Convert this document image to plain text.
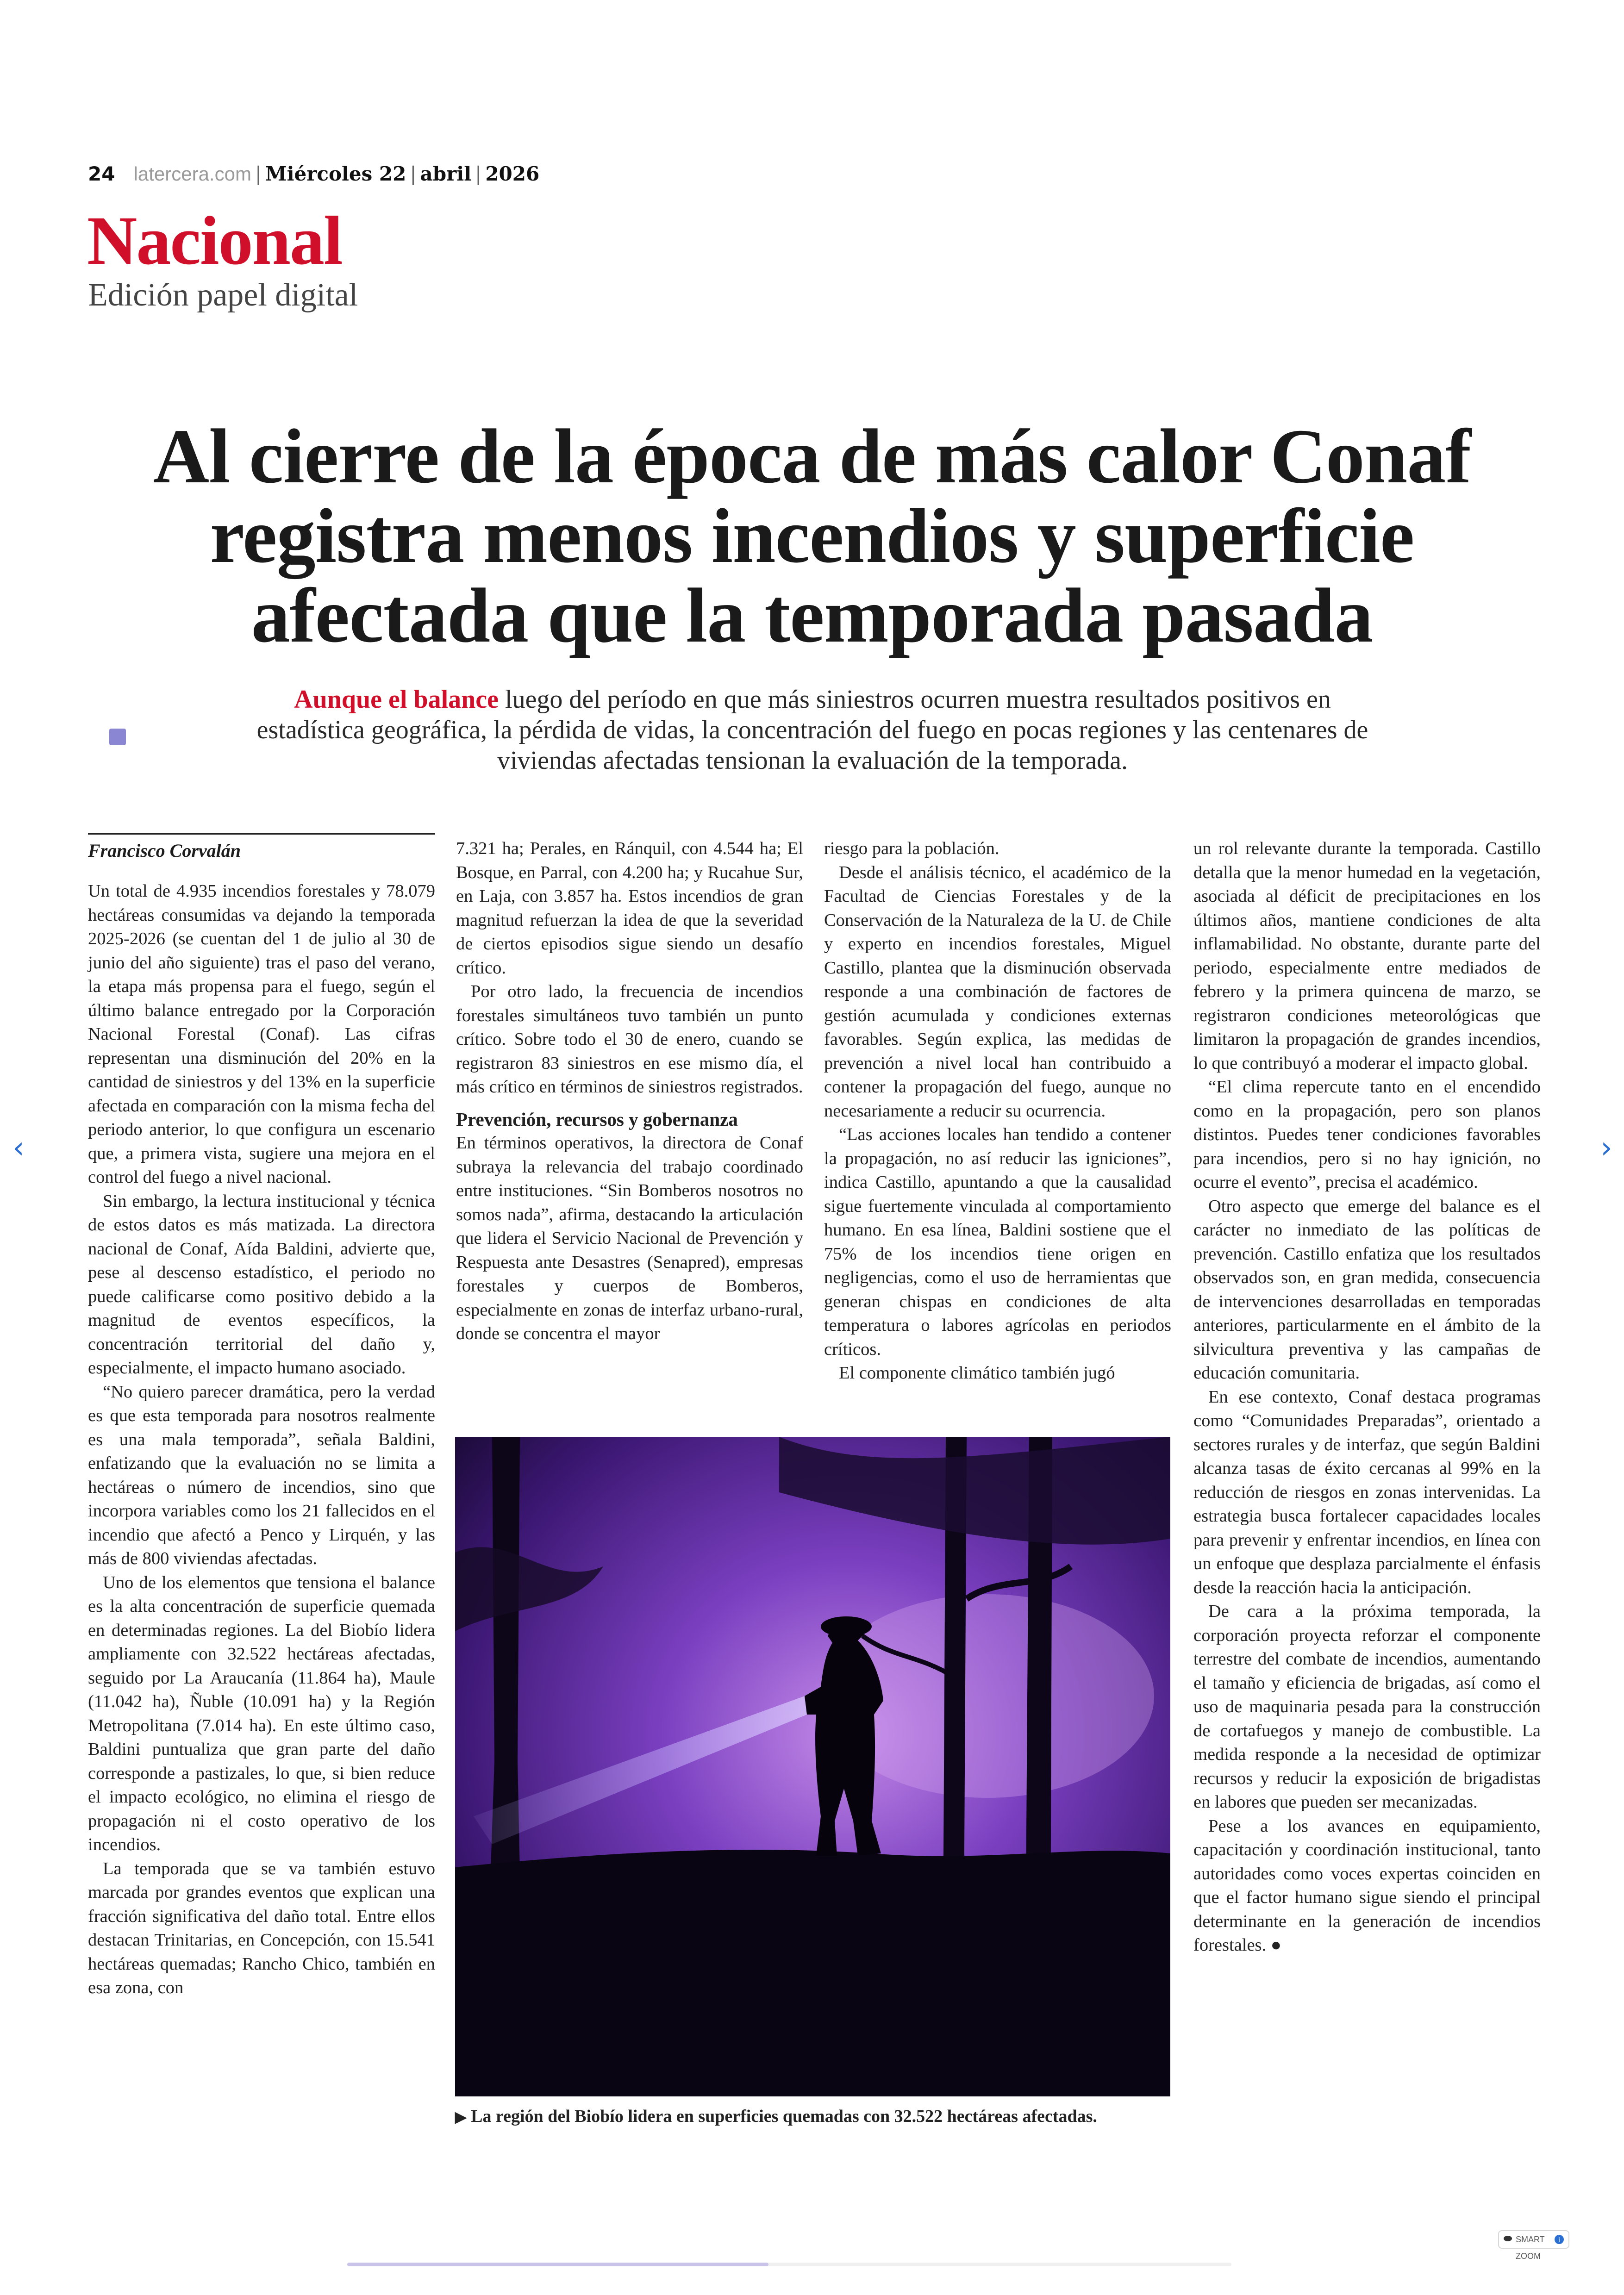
24 latercera.com | Miércoles 22 | abril | 2026
Nacional
Edición papel digital
Al cierre de la época de más calor Conaf registra menos incendios y superficie afectada que la temporada pasada
Aunque el balance luego del período en que más siniestros ocurren muestra resultados positivos en estadística geográfica, la pérdida de vidas, la concentración del fuego en pocas regiones y las centenares de viviendas afectadas tensionan la evaluación de la temporada.
Francisco Corvalán

Un total de 4.935 incendios forestales y 78.079 hectáreas consumidas va dejando la temporada 2025-2026 (se cuentan del 1 de julio al 30 de junio del año siguiente) tras el paso del verano, la etapa más propensa para el fuego, según el último balance entregado por la Corporación Nacional Forestal (Conaf). Las cifras representan una disminución del 20% en la cantidad de siniestros y del 13% en la superficie afectada en comparación con la misma fecha del periodo anterior, lo que configura un escenario que, a primera vista, sugiere una mejora en el control del fuego a nivel nacional.

Sin embargo, la lectura institucional y técnica de estos datos es más matizada. La directora nacional de Conaf, Aída Baldini, advierte que, pese al descenso estadístico, el periodo no puede calificarse como positivo debido a la magnitud de eventos específicos, la concentración territorial del daño y, especialmente, el impacto humano asociado.

“No quiero parecer dramática, pero la verdad es que esta temporada para nosotros realmente es una mala temporada”, señala Baldini, enfatizando que la evaluación no se limita a hectáreas o número de incendios, sino que incorpora variables como los 21 fallecidos en el incendio que afectó a Penco y Lirquén, y las más de 800 viviendas afectadas.

Uno de los elementos que tensiona el balance es la alta concentración de superficie quemada en determinadas regiones. La del Biobío lidera ampliamente con 32.522 hectáreas afectadas, seguido por La Araucanía (11.864 ha), Maule (11.042 ha), Ñuble (10.091 ha) y la Región Metropolitana (7.014 ha). En este último caso, Baldini puntualiza que gran parte del daño corresponde a pastizales, lo que, si bien reduce el impacto ecológico, no elimina el riesgo de propagación ni el costo operativo de los incendios.

La temporada que se va también estuvo marcada por grandes eventos que explican una fracción significativa del daño total. Entre ellos destacan Trinitarias, en Concepción, con 15.541 hectáreas quemadas; Rancho Chico, también en esa zona, con

7.321 ha; Perales, en Ránquil, con 4.544 ha; El Bosque, en Parral, con 4.200 ha; y Rucahue Sur, en Laja, con 3.857 ha. Estos incendios de gran magnitud refuerzan la idea de que la severidad de ciertos episodios sigue siendo un desafío crítico.

Por otro lado, la frecuencia de incendios forestales simultáneos tuvo también un punto crítico. Sobre todo el 30 de enero, cuando se registraron 83 siniestros en ese mismo día, el más crítico en términos de siniestros registrados.

Prevención, recursos y gobernanza

En términos operativos, la directora de Conaf subraya la relevancia del trabajo coordinado entre instituciones. “Sin Bomberos nosotros no somos nada”, afirma, destacando la articulación que lidera el Servicio Nacional de Prevención y Respuesta ante Desastres (Senapred), empresas forestales y cuerpos de Bomberos, especialmente en zonas de interfaz urbano-rural, donde se concentra el mayor

riesgo para la población.

Desde el análisis técnico, el académico de la Facultad de Ciencias Forestales y de la Conservación de la Naturaleza de la U. de Chile y experto en incendios forestales, Miguel Castillo, plantea que la disminución observada responde a una combinación de factores de gestión acumulada y condiciones externas favorables. Según explica, las medidas de prevención a nivel local han contribuido a contener la propagación del fuego, aunque no necesariamente a reducir su ocurrencia.

“Las acciones locales han tendido a contener la propagación, no así reducir las igniciones”, indica Castillo, apuntando a que la causalidad sigue fuertemente vinculada al comportamiento humano. En esa línea, Baldini sostiene que el 75% de los incendios tiene origen en negligencias, como el uso de herramientas que generan chispas en condiciones de alta temperatura o labores agrícolas en periodos críticos.

El componente climático también jugó

un rol relevante durante la temporada. Castillo detalla que la menor humedad en la vegetación, asociada al déficit de precipitaciones en los últimos años, mantiene condiciones de alta inflamabilidad. No obstante, durante parte del periodo, especialmente entre mediados de febrero y la primera quincena de marzo, se registraron condiciones meteorológicas que limitaron la propagación de grandes incendios, lo que contribuyó a moderar el impacto global.

“El clima repercute tanto en el encendido como en la propagación, pero son planos distintos. Puedes tener condiciones favorables para incendios, pero si no hay ignición, no ocurre el evento”, precisa el académico.

Otro aspecto que emerge del balance es el carácter no inmediato de las políticas de prevención. Castillo enfatiza que los resultados observados son, en gran medida, consecuencia de intervenciones desarrolladas en temporadas anteriores, particularmente en el ámbito de la silvicultura preventiva y las campañas de educación comunitaria.

En ese contexto, Conaf destaca programas como “Comunidades Preparadas”, orientado a sectores rurales y de interfaz, que según Baldini alcanza tasas de éxito cercanas al 99% en la reducción de riesgos en zonas intervenidas. La estrategia busca fortalecer capacidades locales para prevenir y enfrentar incendios, en línea con un enfoque que desplaza parcialmente el énfasis desde la reacción hacia la anticipación.

De cara a la próxima temporada, la corporación proyecta reforzar el componente terrestre del combate de incendios, aumentando el tamaño y eficiencia de brigadas, así como el uso de maquinaria pesada para la construcción de cortafuegos y manejo de combustible. La medida responde a la necesidad de optimizar recursos y reducir la exposición de brigadistas en labores que pueden ser mecanizadas.

Pese a los avances en equipamiento, capacitación y coordinación institucional, tanto autoridades como voces expertas coinciden en que el factor humano sigue siendo el principal determinante en la generación de incendios forestales. ●

▶ La región del Biobío lidera en superficies quemadas con 32.522 hectáreas afectadas.
‹	›
SMART ZOOM
i
